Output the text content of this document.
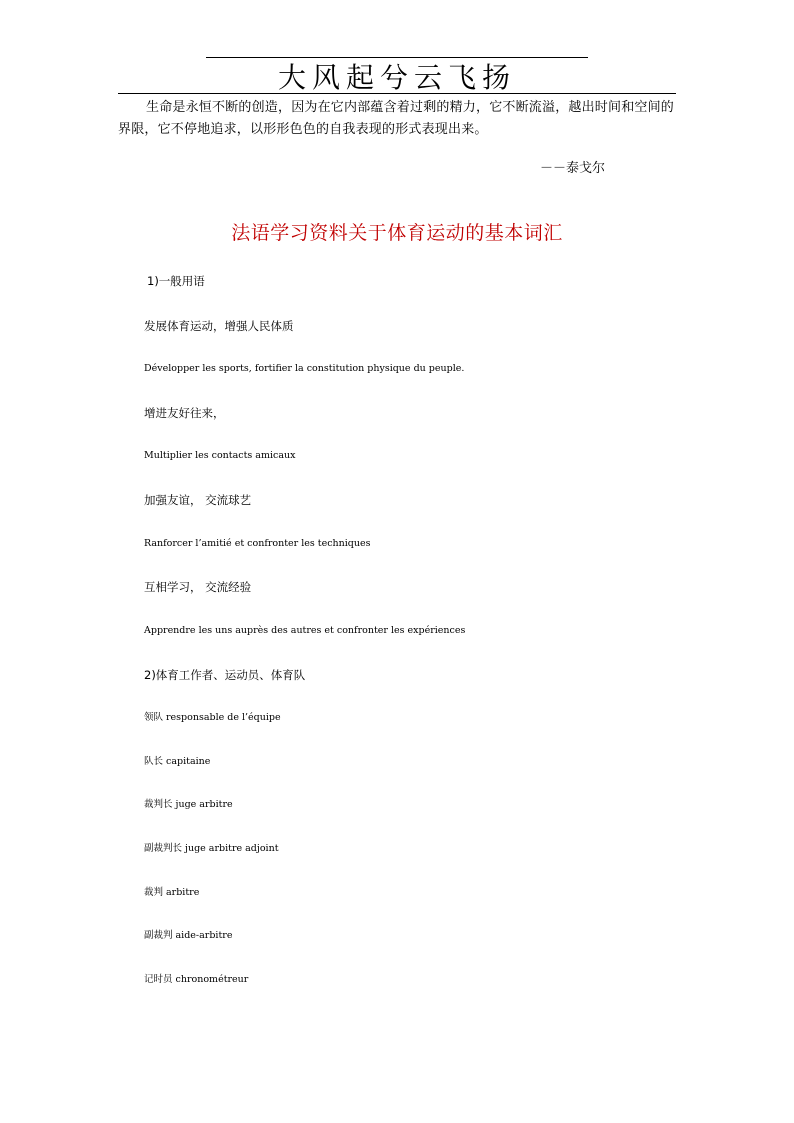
大风起兮云飞扬

生命是永恒不断的创造，因为在它内部蕴含着过剩的精力，它不断流溢，越出时间和空间的界限，它不停地追求，以形形色色的自我表现的形式表现出来。

－－泰戈尔
法语学习资料关于体育运动的基本词汇
1)一般用语
发展体育运动，增强人民体质
Développer les sports, fortifier la constitution physique du peuple.
增进友好往来，
Multiplier les contacts amicaux
加强友谊， 交流球艺
Ranforcer l’amitié et confronter les techniques
互相学习， 交流经验
Apprendre les uns auprès des autres et confronter les expériences
2)体育工作者、运动员、体育队
领队 responsable de l’équipe
队长 capitaine
裁判长 juge arbitre
副裁判长 juge arbitre adjoint
裁判 arbitre
副裁判 aide-arbitre
记时员 chronométreur
